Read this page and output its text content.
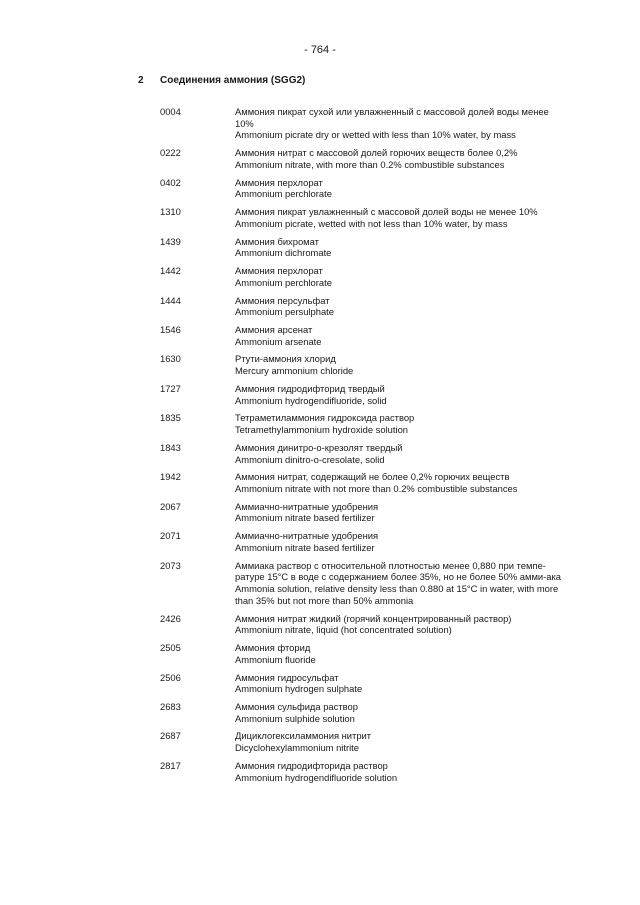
- 764 -
2	Соединения аммония (SGG2)
0004	Аммония пикрат сухой или увлажненный с массовой долей воды менее 10%
Ammonium picrate dry or wetted with less than 10% water, by mass
0222	Аммония нитрат с массовой долей горючих веществ более 0,2%
Ammonium nitrate, with more than 0.2% combustible substances
0402	Аммония перхлорат
Ammonium perchlorate
1310	Аммония пикрат увлажненный с массовой долей воды не менее 10%
Ammonium picrate, wetted with not less than 10% water, by mass
1439	Аммония бихромат
Ammonium dichromate
1442	Аммония перхлорат
Ammonium perchlorate
1444	Аммония персульфат
Ammonium persulphate
1546	Аммония арсенат
Ammonium arsenate
1630	Ртути-аммония хлорид
Mercury ammonium chloride
1727	Аммония гидродифторид твердый
Ammonium hydrogendifluoride, solid
1835	Тетраметиламмония гидроксида раствор
Tetramethylammonium hydroxide solution
1843	Аммония динитро-о-крезолят твердый
Ammonium dinitro-o-cresolate, solid
1942	Аммония нитрат, содержащий не более 0,2% горючих веществ
Ammonium nitrate with not more than 0.2% combustible substances
2067	Аммиачно-нитратные удобрения
Ammonium nitrate based fertilizer
2071	Аммиачно-нитратные удобрения
Ammonium nitrate based fertilizer
2073	Аммиака раствор с относительной плотностью менее 0,880 при темпе-ратуре 15°С в воде с содержанием более 35%, но не более 50% амми-ака
Ammonia solution, relative density less than 0.880 at 15°C in water, with more than 35% but not more than 50% ammonia
2426	Аммония нитрат жидкий (горячий концентрированный раствор)
Ammonium nitrate, liquid (hot concentrated solution)
2505	Аммония фторид
Ammonium fluoride
2506	Аммония гидросульфат
Ammonium hydrogen sulphate
2683	Аммония сульфида раствор
Ammonium sulphide solution
2687	Дициклогексиламмония нитрит
Dicyclohexylammonium nitrite
2817	Аммония гидродифторида раствор
Ammonium hydrogendifluoride solution
